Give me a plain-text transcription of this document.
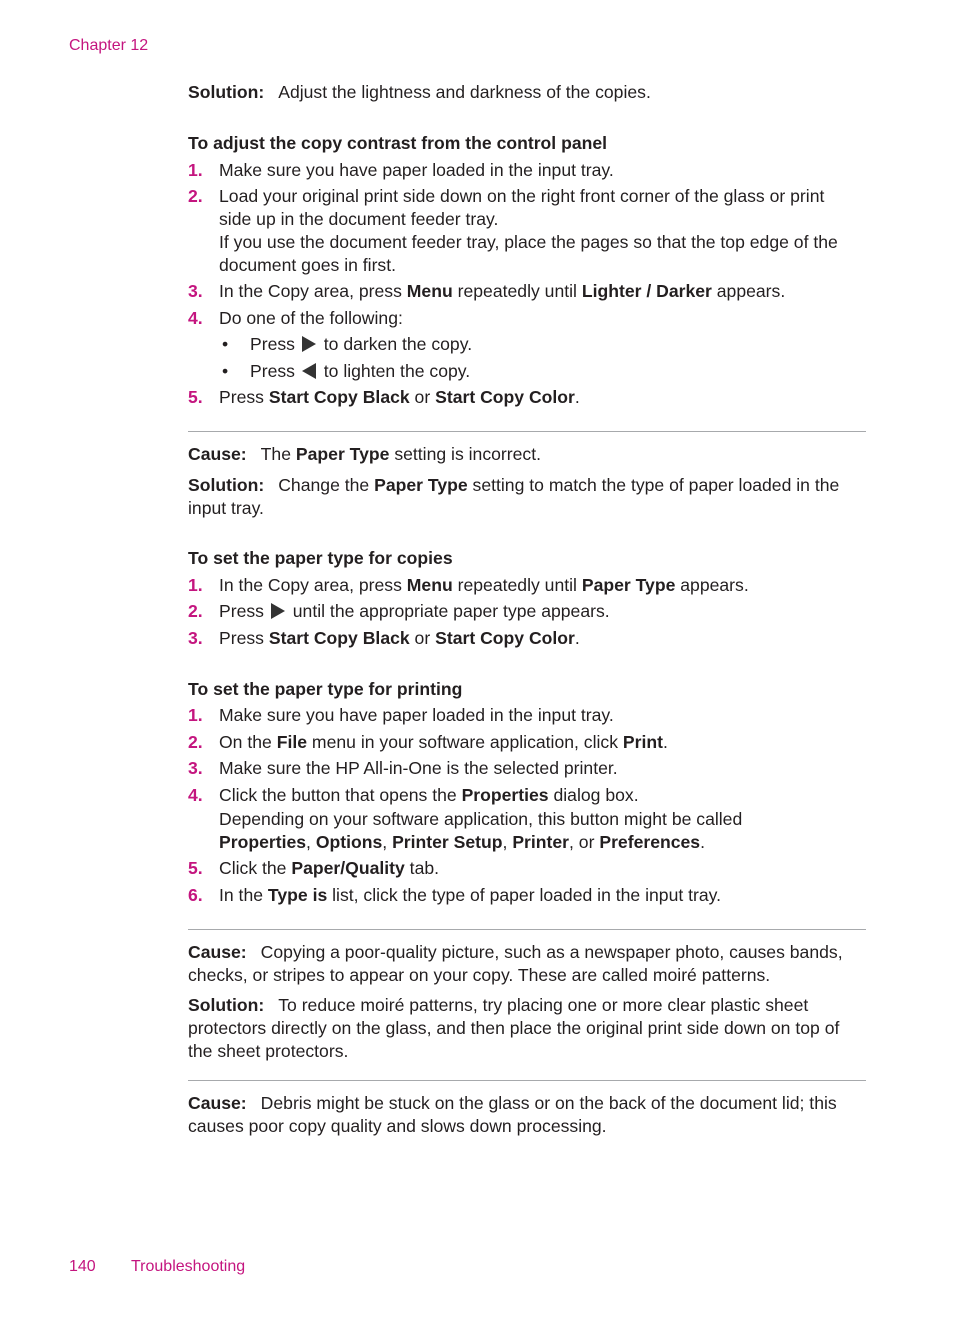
Chapter 12
Solution: Adjust the lightness and darkness of the copies.
To adjust the copy contrast from the control panel
1. Make sure you have paper loaded in the input tray.
2. Load your original print side down on the right front corner of the glass or print
side up in the document feeder tray.
If you use the document feeder tray, place the pages so that the top edge of the
document goes in first.
3. In the Copy area, press Menu repeatedly until Lighter / Darker appears.
4. Do one of the following:
• Press to darken the copy.
• Press to lighten the copy.
5. Press Start Copy Black or Start Copy Color.
Cause: The Paper Type setting is incorrect.
Solution: Change the Paper Type setting to match the type of paper loaded in the
input tray.
To set the paper type for copies
1. In the Copy area, press Menu repeatedly until Paper Type appears.
2. Press until the appropriate paper type appears.
3. Press Start Copy Black or Start Copy Color.
To set the paper type for printing
1. Make sure you have paper loaded in the input tray.
2. On the File menu in your software application, click Print.
3. Make sure the HP All-in-One is the selected printer.
4. Click the button that opens the Properties dialog box.
Depending on your software application, this button might be called
Properties, Options, Printer Setup, Printer, or Preferences.
5. Click the Paper/Quality tab.
6. In the Type is list, click the type of paper loaded in the input tray.
Cause: Copying a poor-quality picture, such as a newspaper photo, causes bands,
checks, or stripes to appear on your copy. These are called moiré patterns.
Solution: To reduce moiré patterns, try placing one or more clear plastic sheet
protectors directly on the glass, and then place the original print side down on top of
the sheet protectors.
Cause: Debris might be stuck on the glass or on the back of the document lid; this
causes poor copy quality and slows down processing.
140 Troubleshooting
